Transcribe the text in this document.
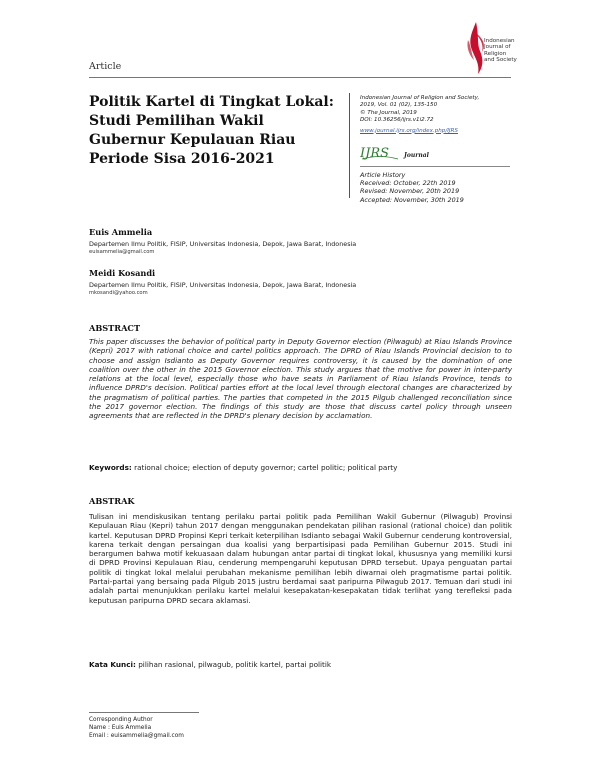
Article
Indonesian
Journal of
Religion
and Society
Politik Kartel di Tingkat Lokal: Studi Pemilihan Wakil Gubernur Kepulauan Riau Periode Sisa 2016-2021
Indonesian Journal of Religion and Society,
2019, Vol. 01 (02), 135-150
© The Journal, 2019
DOI: 10.36256/ijrs.v1i2.72
www.journal.ijrs.org/index.php/IJRS
IJRS Journal
Article History
Received: October, 22th 2019
Revised: November, 20th 2019
Accepted: November, 30th 2019
Euis Ammelia
Departemen Ilmu Politik, FISIP, Universitas Indonesia, Depok, Jawa Barat, Indonesia
euisammelia@gmail.com
Meidi Kosandi
Departemen Ilmu Politik, FISIP, Universitas Indonesia, Depok, Jawa Barat, Indonesia
mkosandi@yahoo.com
ABSTRACT
This paper discusses the behavior of political party in Deputy Governor election (Pilwagub) at Riau Islands Province (Kepri) 2017 with rational choice and cartel politics approach. The DPRD of Riau Islands Provincial decision to to choose and assign Isdianto as Deputy Governor requires controversy, it is caused by the domination of one coalition over the other in the 2015 Governor election. This study argues that the motive for power in inter-party relations at the local level, especially those who have seats in Parliament of Riau Islands Province, tends to influence DPRD's decision. Political parties effort at the local level through electoral changes are characterized by the pragmatism of political parties. The parties that competed in the 2015 Pilgub challenged reconciliation since the 2017 governor election. The findings of this study are those that discuss cartel policy through unseen agreements that are reflected in the DPRD's plenary decision by acclamation.
Keywords: rational choice; election of deputy governor; cartel politic; political party
ABSTRAK
Tulisan ini mendiskusikan tentang perilaku partai politik pada Pemilihan Wakil Gubernur (Pilwagub) Provinsi Kepulauan Riau (Kepri) tahun 2017 dengan menggunakan pendekatan pilihan rasional (rational choice) dan politik kartel. Keputusan DPRD Propinsi Kepri terkait keterpilihan Isdianto sebagai Wakil Gubernur cenderung kontroversial, karena terkait dengan persaingan dua koalisi yang berpartisipasi pada Pemilihan Gubernur 2015. Studi ini berargumen bahwa motif kekuasaan dalam hubungan antar partai di tingkat lokal, khususnya yang memiliki kursi di DPRD Provinsi Kepulauan Riau, cenderung mempengaruhi keputusan DPRD tersebut. Upaya penguatan partai politik di tingkat lokal melalui perubahan mekanisme pemilihan lebih diwarnai oleh pragmatisme partai politik. Partai-partai yang bersaing pada Pilgub 2015 justru berdamai saat paripurna Pilwagub 2017. Temuan dari studi ini adalah partai menunjukkan perilaku kartel melalui kesepakatan-kesepakatan tidak terlihat yang terefleksi pada keputusan paripurna DPRD secara aklamasi.
Kata Kunci: pilihan rasional, pilwagub, politik kartel, partai politik
Corresponding Author
Name : Euis Ammelia
Email : euisammelia@gmail.com
